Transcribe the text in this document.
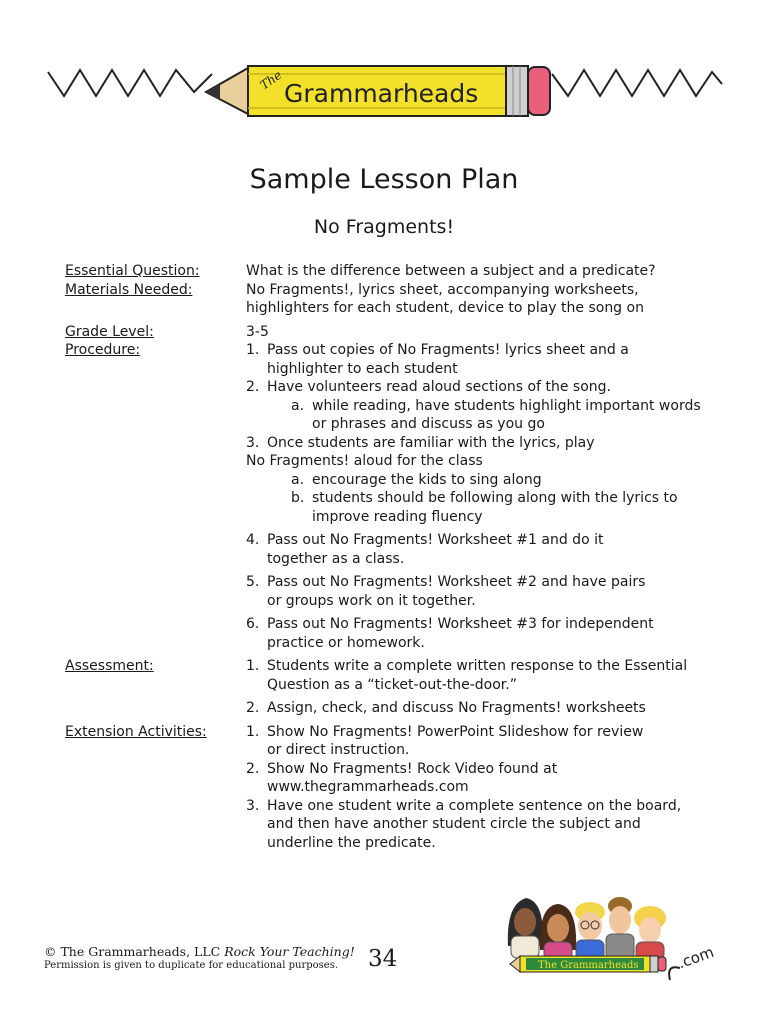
The Grammarheads
Sample Lesson Plan
No Fragments!
Essential Question:	What is the difference between a subject and a predicate?
Materials Needed:	No Fragments!, lyrics sheet, accompanying worksheets,
highlighters for each student, device to play the song on
Grade Level:	3-5
Procedure:	1. Pass out copies of No Fragments! lyrics sheet and a
highlighter to each student
2. Have volunteers read aloud sections of the song.
a. while reading, have students highlight important words
or phrases and discuss as you go
3. Once students are familiar with the lyrics, play
No Fragments! aloud for the class
a. encourage the kids to sing along
b. students should be following along with the lyrics to
improve reading fluency
4. Pass out No Fragments! Worksheet #1 and do it
together as a class.
5. Pass out No Fragments! Worksheet #2 and have pairs
or groups work on it together.
6. Pass out No Fragments! Worksheet #3 for independent
practice or homework.
Assessment:	1. Students write a complete written response to the Essential
Question as a “ticket-out-the-door.”
2. Assign, check, and discuss No Fragments! worksheets
Extension Activities:	1. Show No Fragments! PowerPoint Slideshow for review
or direct instruction.
2. Show No Fragments! Rock Video found at
www.thegrammarheads.com
3. Have one student write a complete sentence on the board,
and then have another student circle the subject and
underline the predicate.
© The Grammarheads, LLC Rock Your Teaching!
Permission is given to duplicate for educational purposes.	34	The Grammarheads .com
